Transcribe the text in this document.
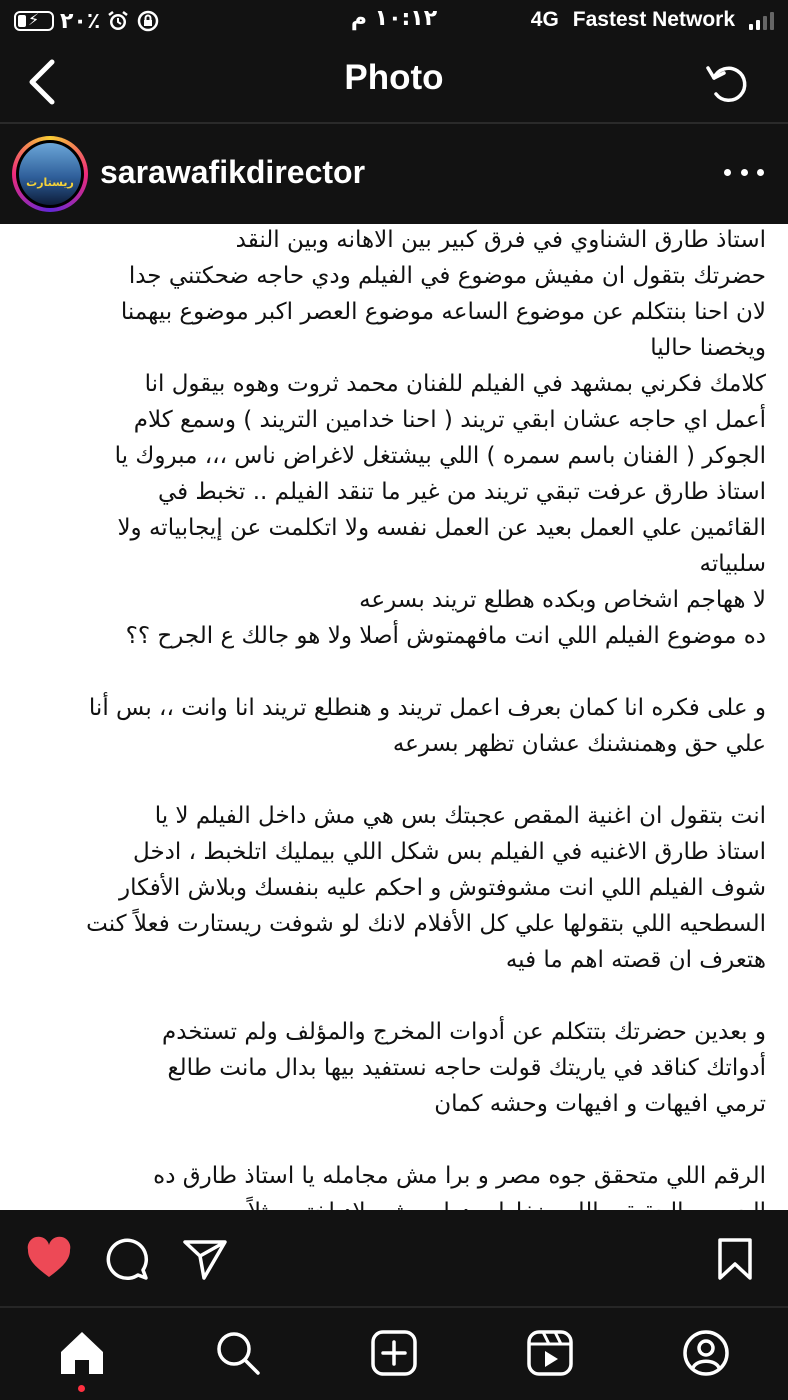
⚡ ٢٠٪	١٠:١٢ م	4G Fastest Network
Photo
ريستارت sarawafikdirector
استاذ طارق الشناوي في فرق كبير بين الاهانه وبين النقد
حضرتك بتقول ان مفيش موضوع في الفيلم ودي حاجه ضحكتني جدا
لان احنا بنتكلم عن موضوع الساعه موضوع العصر اكبر موضوع بيهمنا
ويخصنا حاليا
كلامك فكرني بمشهد في الفيلم للفنان محمد ثروت وهوه بيقول انا
أعمل اي حاجه عشان ابقي تريند ( احنا خدامين التريند ) وسمع كلام
الجوكر ( الفنان باسم سمره ) اللي بيشتغل لاغراض ناس ،،، مبروك يا
استاذ طارق عرفت تبقي تريند من غير ما تنقد الفيلم .. تخبط في
القائمين علي العمل بعيد عن العمل نفسه ولا اتكلمت عن إيجابياته ولا
سلبياته
لا ههاجم اشخاص وبكده هطلع تريند بسرعه
ده موضوع الفيلم اللي انت مافهمتوش أصلا ولا هو جالك ع الجرح ؟؟
و على فكره انا كمان بعرف اعمل تريند و هنطلع تريند انا وانت ،، بس أنا
علي حق وهمنشنك عشان تظهر بسرعه
انت بتقول ان اغنية المقص عجبتك بس هي مش داخل الفيلم لا يا
استاذ طارق الاغنيه في الفيلم بس شكل اللي بيمليك اتلخبط ، ادخل
شوف الفيلم اللي انت مشوفتوش و احكم عليه بنفسك وبلاش الأفكار
السطحيه اللي بتقولها علي كل الأفلام لانك لو شوفت ريستارت فعلاً كنت
هتعرف ان قصته اهم ما فيه
و بعدين حضرتك بتتكلم عن أدوات المخرج والمؤلف ولم تستخدم
أدواتك كناقد في ياريتك قولت حاجه نستفيد بيها بدال مانت طالع
ترمي افيهات و افيهات وحشه كمان
الرقم اللي متحقق جوه مصر و برا مش مجامله يا استاذ طارق ده
